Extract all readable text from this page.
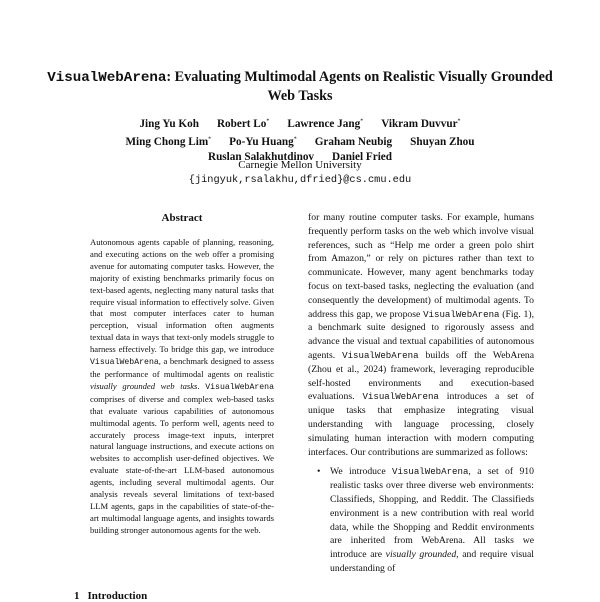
VisualWebArena: Evaluating Multimodal Agents on Realistic Visually Grounded Web Tasks
Jing Yu Koh Robert Lo* Lawrence Jang* Vikram Duvvur*
Ming Chong Lim* Po-Yu Huang* Graham Neubig Shuyan Zhou
Ruslan Salakhutdinov Daniel Fried
Carnegie Mellon University
{jingyuk,rsalakhu,dfried}@cs.cmu.edu
Abstract
Autonomous agents capable of planning, reasoning, and executing actions on the web offer a promising avenue for automating computer tasks. However, the majority of existing benchmarks primarily focus on text-based agents, neglecting many natural tasks that require visual information to effectively solve. Given that most computer interfaces cater to human perception, visual information often augments textual data in ways that text-only models struggle to harness effectively. To bridge this gap, we introduce VisualWebArena, a benchmark designed to assess the performance of multimodal agents on realistic visually grounded web tasks. VisualWebArena comprises of diverse and complex web-based tasks that evaluate various capabilities of autonomous multimodal agents. To perform well, agents need to accurately process image-text inputs, interpret natural language instructions, and execute actions on websites to accomplish user-defined objectives. We evaluate state-of-the-art LLM-based autonomous agents, including several multimodal agents. Our analysis reveals several limitations of text-based LLM agents, gaps in the capabilities of state-of-the-art multimodal language agents, and insights towards building stronger autonomous agents for the web.
1 Introduction

for many routine computer tasks. For example, humans frequently perform tasks on the web which involve visual references, such as “Help me order a green polo shirt from Amazon,” or rely on pictures rather than text to communicate. However, many agent benchmarks today focus on text-based tasks, neglecting the evaluation (and consequently the development) of multimodal agents. To address this gap, we propose VisualWebArena (Fig. 1), a benchmark suite designed to rigorously assess and advance the visual and textual capabilities of autonomous agents. VisualWebArena builds off the WebArena (Zhou et al., 2024) framework, leveraging reproducible self-hosted environments and execution-based evaluations. VisualWebArena introduces a set of unique tasks that emphasize integrating visual understanding with language processing, closely simulating human interaction with modern computing interfaces. Our contributions are summarized as follows:

• We introduce VisualWebArena, a set of 910 realistic tasks over three diverse web environments: Classifieds, Shopping, and Reddit. The Classifieds environment is a new contribution with real world data, while the Shopping and Reddit environments are inherited from WebArena. All tasks we introduce are visually grounded, and require visual understanding of
